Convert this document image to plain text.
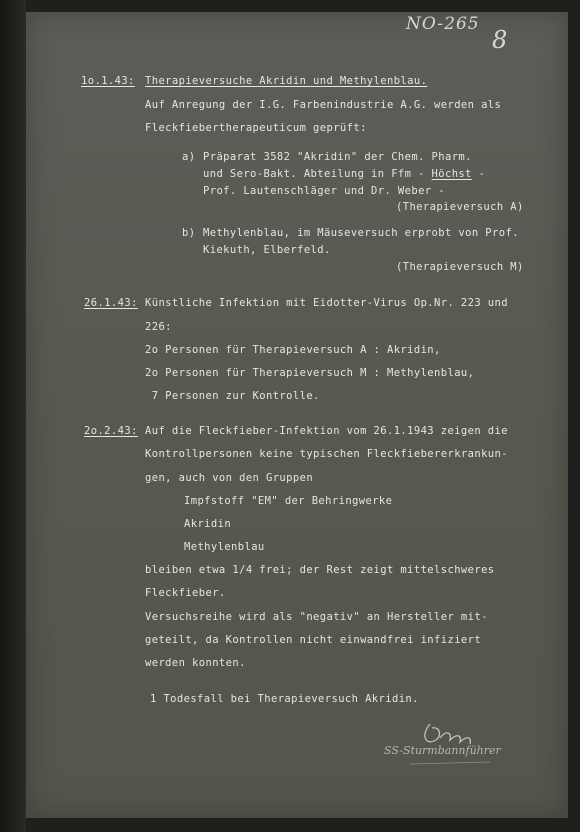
NO-265
8
1o.1.43: Therapieversuche Akridin und Methylenblau.
Auf Anregung der I.G. Farbenindustrie A.G. werden als
Fleckfiebertherapeuticum geprüft:
a) Präparat 3582 "Akridin" der Chem. Pharm.
und Sero-Bakt. Abteilung in Ffm - Höchst -
Prof. Lautenschläger und Dr. Weber -
(Therapieversuch A)
b) Methylenblau, im Mäuseversuch erprobt von Prof.
Kiekuth, Elberfeld.
(Therapieversuch M)
26.1.43: Künstliche Infektion mit Eidotter-Virus Op.Nr. 223 und
226:
2o Personen für Therapieversuch A : Akridin,
2o Personen für Therapieversuch M : Methylenblau,
7 Personen zur Kontrolle.
2o.2.43: Auf die Fleckfieber-Infektion vom 26.1.1943 zeigen die
Kontrollpersonen keine typischen Fleckfiebererkrankun-
gen, auch von den Gruppen
Impfstoff "EM" der Behringwerke
Akridin
Methylenblau
bleiben etwa 1/4 frei; der Rest zeigt mittelschweres
Fleckfieber.
Versuchsreihe wird als "negativ" an Hersteller mit-
geteilt, da Kontrollen nicht einwandfrei infiziert
werden konnten.
1 Todesfall bei Therapieversuch Akridin.
SS-Sturmbannführer
